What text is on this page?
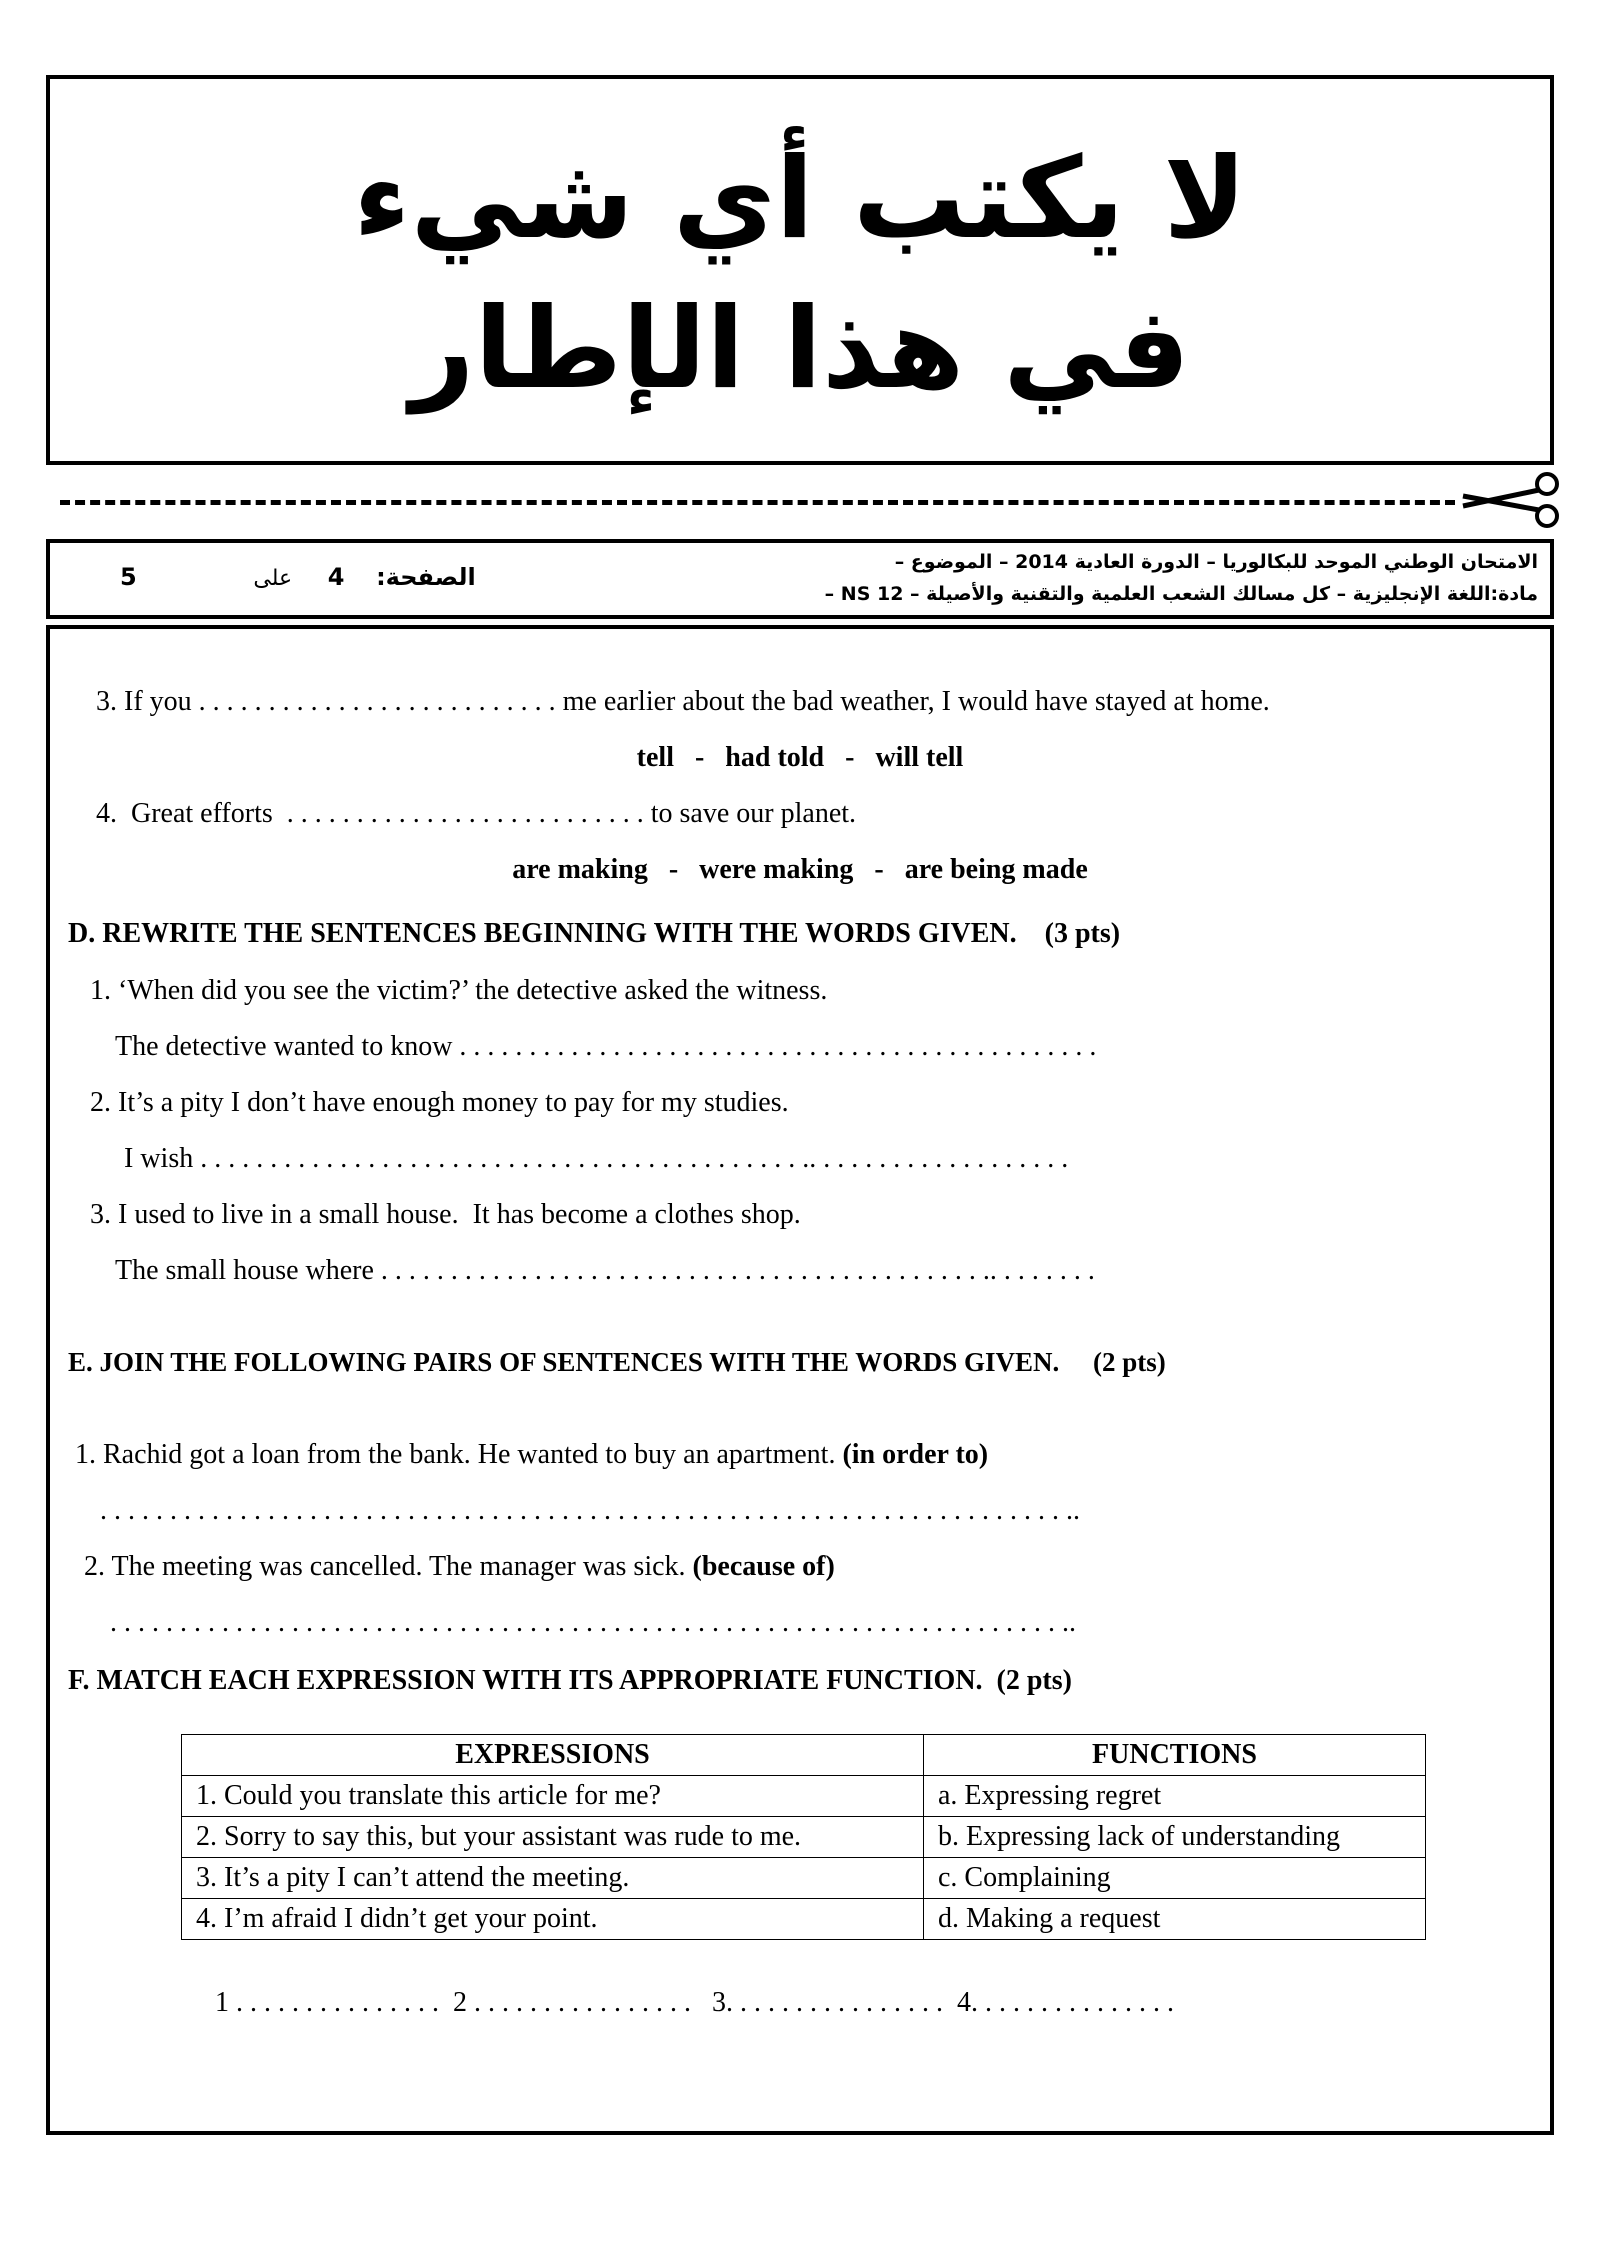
لا يكتب أي شيء
في هذا الإطار
الامتحان الوطني الموحد للبكالوريا – الدورة العادية 2014 – الموضوع –
مادة:اللغة الإنجليزية – كل مسالك الشعب العلمية والتقنية والأصيلة – NS 12 –
5	على 4 الصفحة:
3. If you . . . . . . . . . . . . . . . . . . . . . . . . . . me earlier about the bad weather, I would have stayed at home.
tell   -   had told   -   will tell
4.  Great efforts  . . . . . . . . . . . . . . . . . . . . . . . . . . to save our planet.
are making   -   were making   -   are being made
D. REWRITE THE SENTENCES BEGINNING WITH THE WORDS GIVEN.    (3 pts)
1. ‘When did you see the victim?’ the detective asked the witness.
The detective wanted to know . . . . . . . . . . . . . . . . . . . . . . . . . . . . . . . . . . . . . . . . . . . . . .
2. It’s a pity I don’t have enough money to pay for my studies.
I wish . . . . . . . . . . . . . . . . . . . . . . . . . . . . . . . . . . . . . . . . . . . .. . . . . . . . . . . . . . . . . . .
3. I used to live in a small house.  It has become a clothes shop.
The small house where . . . . . . . . . . . . . . . . . . . . . . . . . . . . . . . . . . . . . . . . . . . .. . . . . . . .
E. JOIN THE FOLLOWING PAIRS OF SENTENCES WITH THE WORDS GIVEN.     (2 pts)
1. Rachid got a loan from the bank. He wanted to buy an apartment. (in order to)
. . . . . . . . . . . . . . . . . . . . . . . . . . . . . . . . . . . . . . . . . . . . . . . . . . . . . . . . . . . . . . . . . . . . . ..
2. The meeting was cancelled. The manager was sick. (because of)
. . . . . . . . . . . . . . . . . . . . . . . . . . . . . . . . . . . . . . . . . . . . . . . . . . . . . . . . . . . . . . . . . . . . ..
F. MATCH EACH EXPRESSION WITH ITS APPROPRIATE FUNCTION.  (2 pts)
EXPRESSIONS	FUNCTIONS
1. Could you translate this article for me?	a. Expressing regret
2. Sorry to say this, but your assistant was rude to me.	b. Expressing lack of understanding
3. It’s a pity I can’t attend the meeting.	c. Complaining
4. I’m afraid I didn’t get your point.	d. Making a request
1 . . . . . . . . . . . . . . .  2 . . . . . . . . . . . . . . . .   3. . . . . . . . . . . . . . . .  4. . . . . . . . . . . . . . .
